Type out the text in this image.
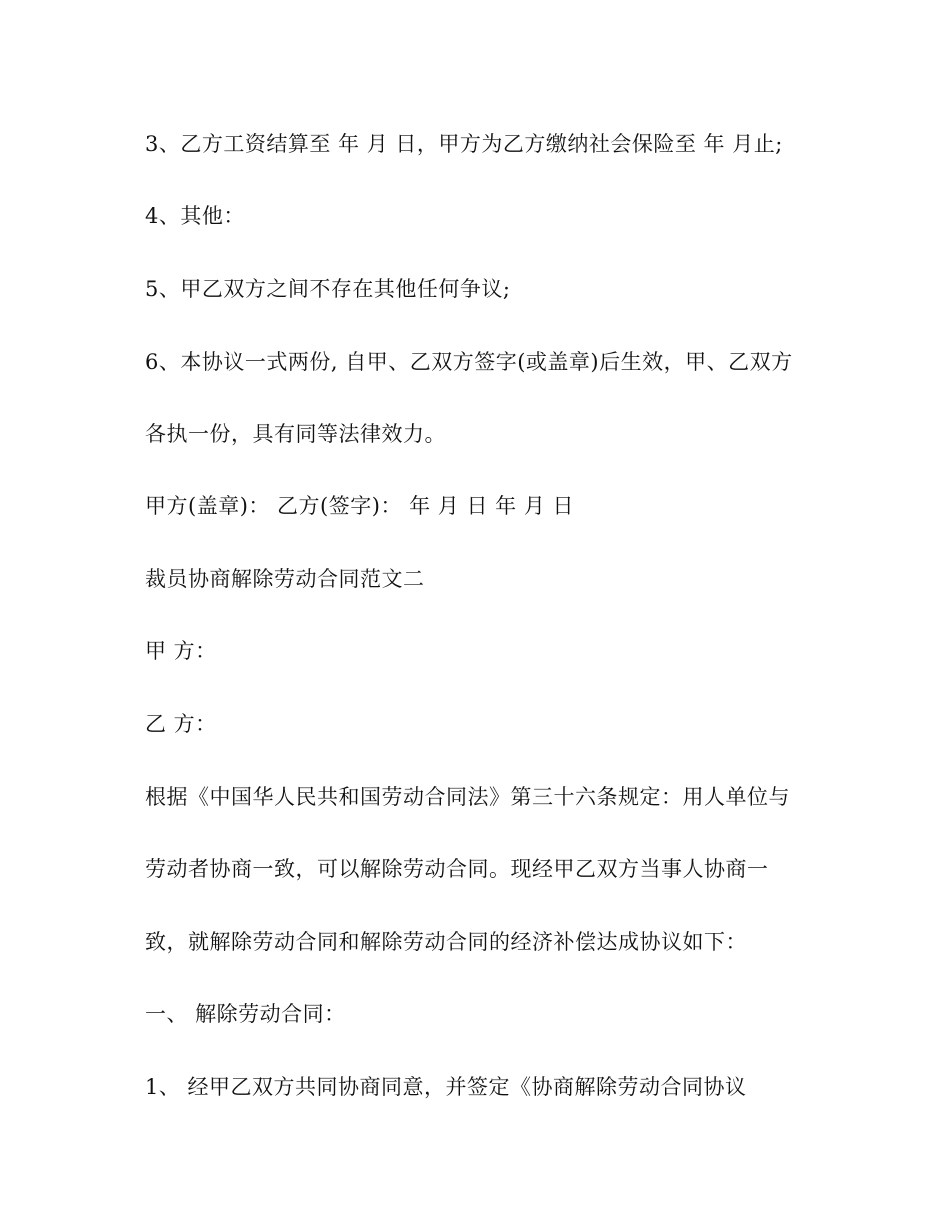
3、乙方工资结算至 年 月 日，甲方为乙方缴纳社会保险至 年 月止;
4、其他：
5、甲乙双方之间不存在其他任何争议;
6、本协议一式两份, 自甲、乙双方签字(或盖章)后生效，甲、乙双方
各执一份，具有同等法律效力。
甲方(盖章)： 乙方(签字)： 年 月 日 年 月 日
裁员协商解除劳动合同范文二
甲 方：
乙 方：
根据《中国华人民共和国劳动合同法》第三十六条规定：用人单位与
劳动者协商一致，可以解除劳动合同。现经甲乙双方当事人协商一
致，就解除劳动合同和解除劳动合同的经济补偿达成协议如下：
一、 解除劳动合同：
1、 经甲乙双方共同协商同意，并签定《协商解除劳动合同协议
